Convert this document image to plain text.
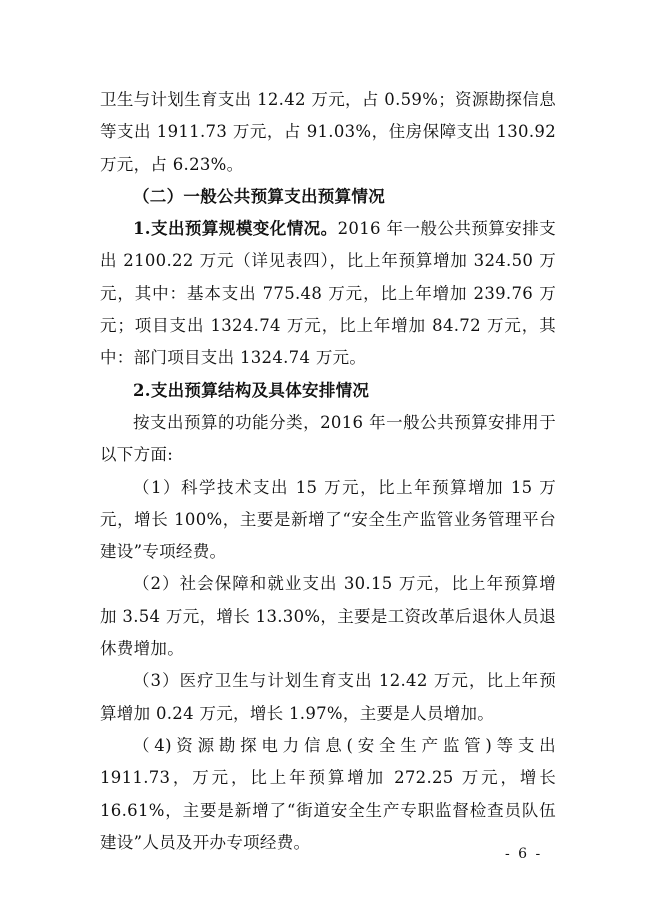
卫生与计划生育支出 12.42 万元，占 0.59%；资源勘探信息等支出 1911.73 万元，占 91.03%，住房保障支出 130.92 万元，占 6.23%。

（二）一般公共预算支出预算情况

1.支出预算规模变化情况。2016 年一般公共预算安排支出 2100.22 万元（详见表四），比上年预算增加 324.50 万元，其中：基本支出 775.48 万元，比上年增加 239.76 万元；项目支出 1324.74 万元，比上年增加 84.72 万元，其中：部门项目支出 1324.74 万元。

2.支出预算结构及具体安排情况

按支出预算的功能分类，2016 年一般公共预算安排用于以下方面:

（1）科学技术支出 15 万元，比上年预算增加 15 万元，增长 100%，主要是新增了“安全生产监管业务管理平台建设”专项经费。

（2）社会保障和就业支出 30.15 万元，比上年预算增加 3.54 万元，增长 13.30%，主要是工资改革后退休人员退休费增加。

（3）医疗卫生与计划生育支出 12.42 万元，比上年预算增加 0.24 万元，增长 1.97%，主要是人员增加。

（4)资源勘探电力信息(安全生产监管)等支出 1911.73，万元，比上年预算增加 272.25 万元，增长 16.61%，主要是新增了“街道安全生产专职监督检查员队伍建设”人员及开办专项经费。

- 6 -
